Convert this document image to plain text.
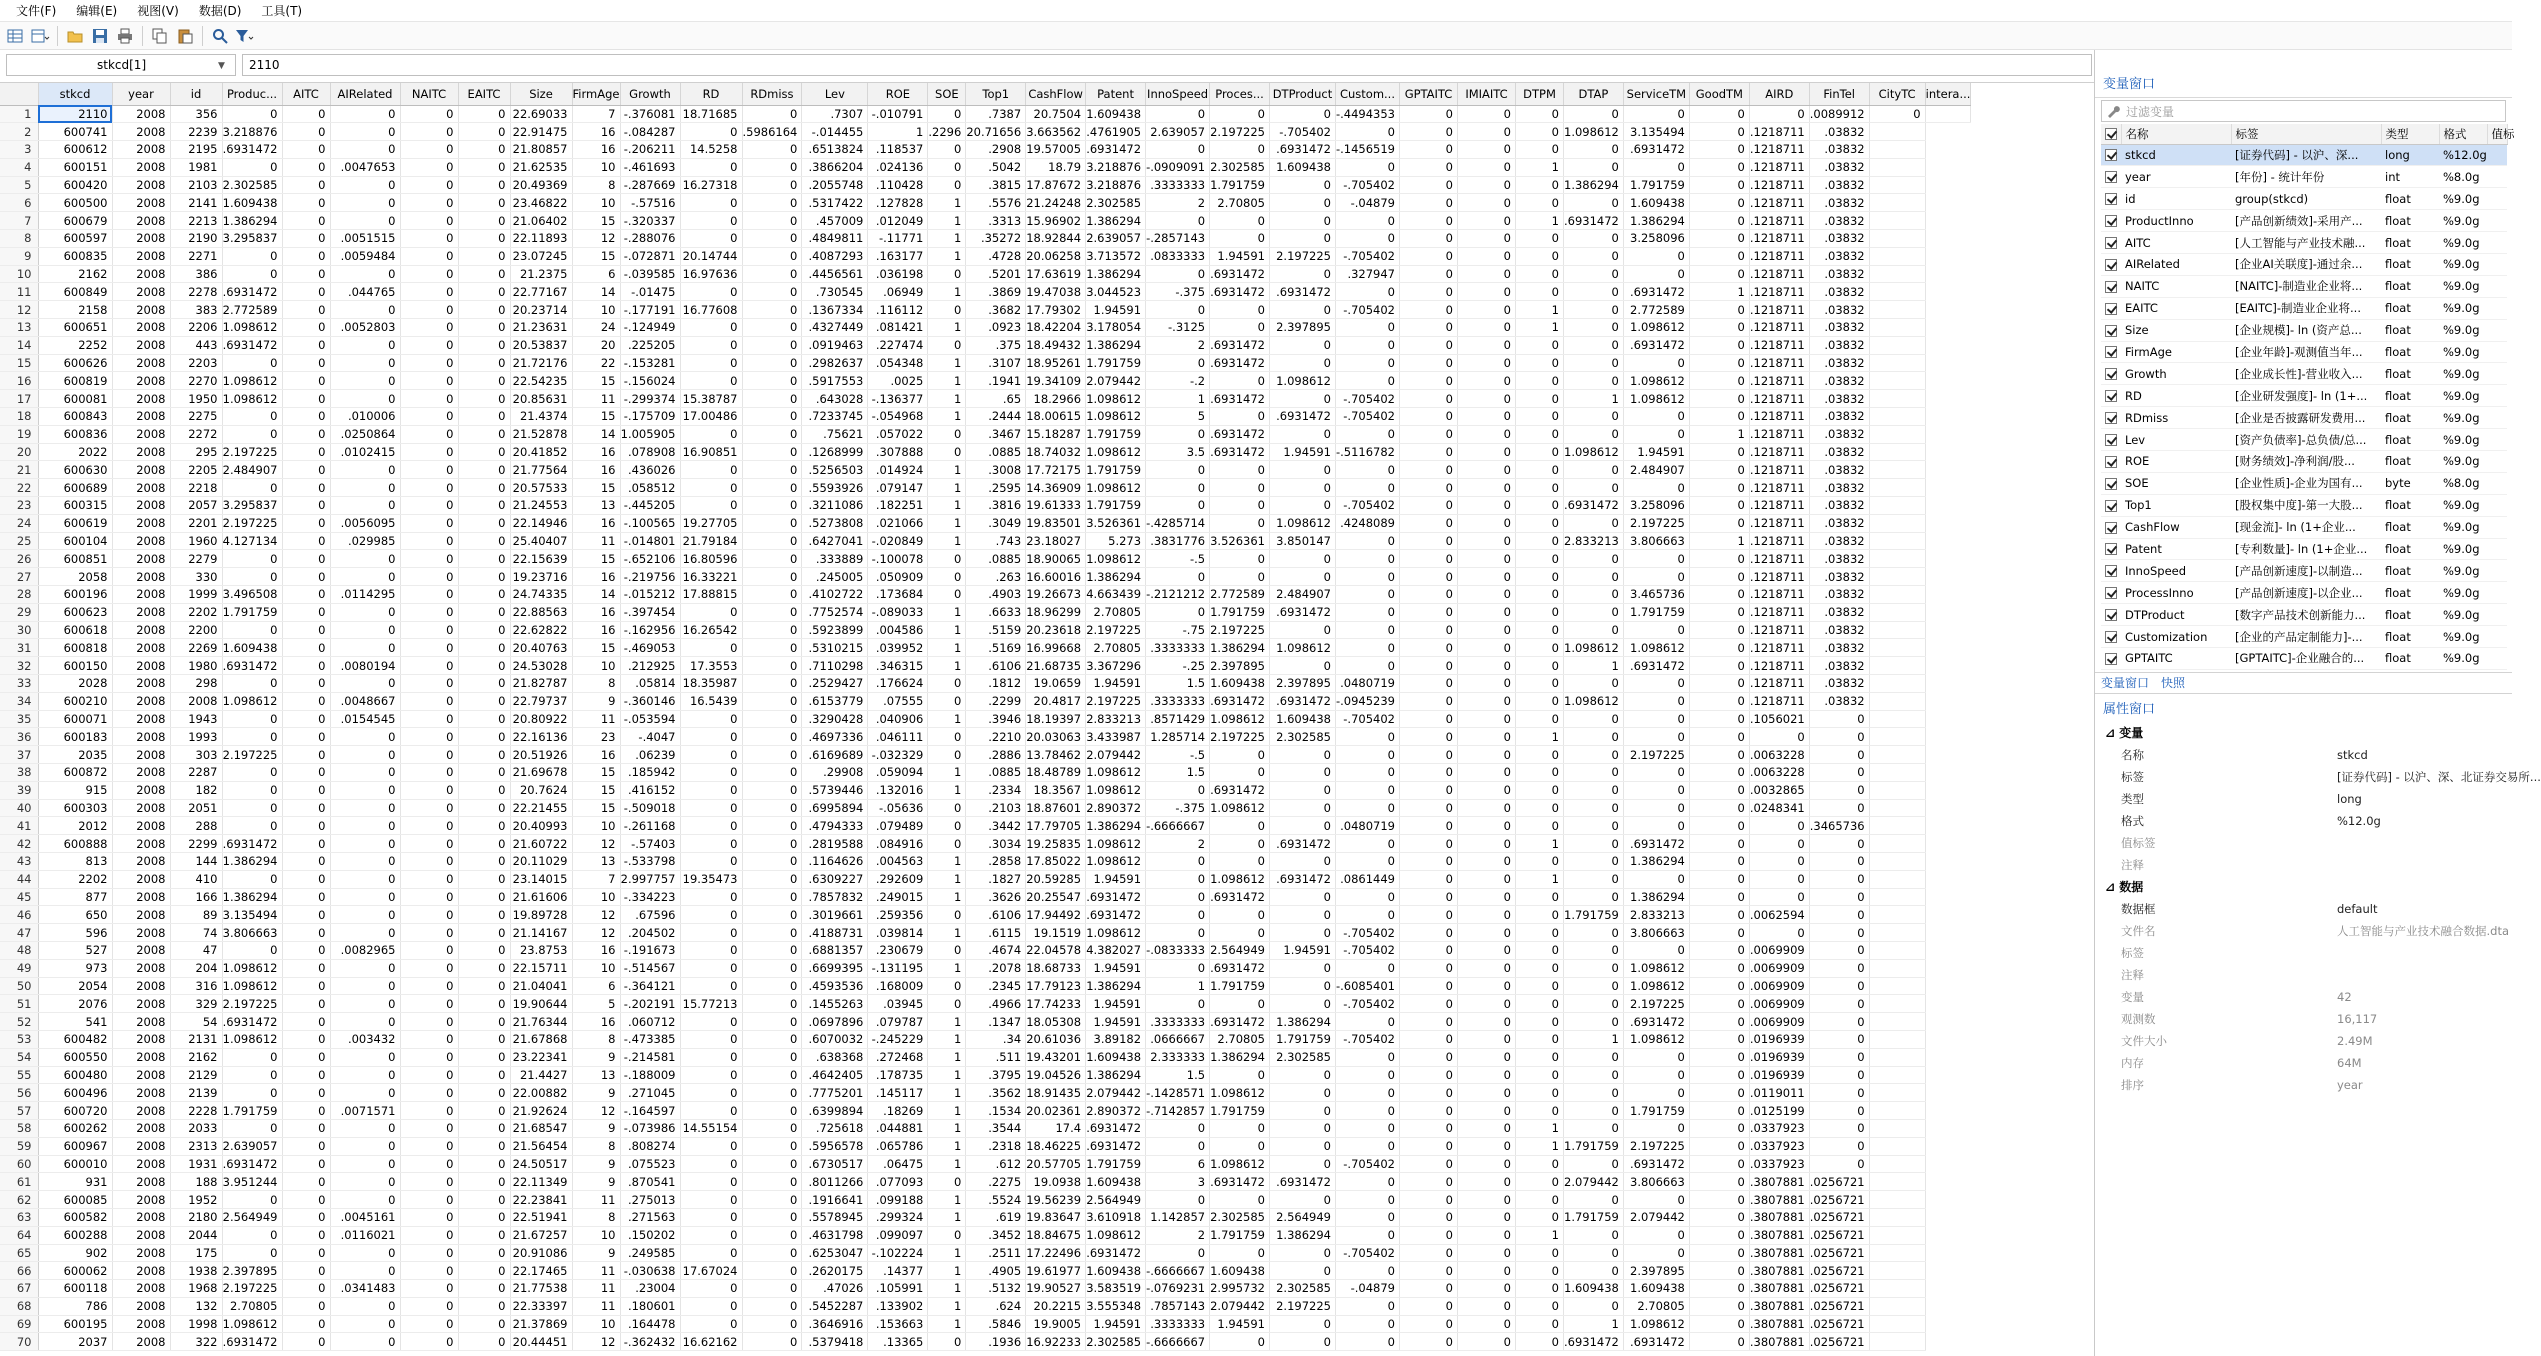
文件(F)	编辑(E)	视图(V)	数据(D)	工具(T)
stkcd[1]	▼	2110
	stkcd	year	id	Produc...	AITC	AIRelated	NAITC	EAITC	Size	FirmAge	Growth	RD	RDmiss	Lev	ROE	SOE	Top1	CashFlow	Patent	InnoSpeed	Proces...	DTProduct	Custom...	GPTAITC	IMIAITC	DTPM	DTAP	ServiceTM	GoodTM	AIRD	FinTel	CityTC	intera...
1	2110	2008	356	0	0	0	0	0	22.69033	7	-.376081	18.71685	0	.7307	-.010791	0	.7387	20.7504	1.609438	0	0	0	-.4494353	0	0	0	0	0	0	0	.0089912	0	
2	600741	2008	2239	3.218876	0	0	0	0	22.91475	16	-.084287	0	.5986164	-.014455	1	.2296	20.71656	3.663562	.4761905	2.639057	2.197225	-.705402	0	0	0	0	1.098612	3.135494	0	.1218711	.03832		
3	600612	2008	2195	.6931472	0	0	0	0	21.80857	16	-.206211	14.5258	0	.6513824	.118537	0	.2908	19.57005	.6931472	0	0	.6931472	-.1456519	0	0	0	0	.6931472	0	.1218711	.03832		
4	600151	2008	1981	0	0	.0047653	0	0	21.62535	10	-.461693	0	0	.3866204	.024136	0	.5042	18.79	3.218876	-.0909091	2.302585	1.609438	0	0	0	1	0	0	0	.1218711	.03832		
5	600420	2008	2103	2.302585	0	0	0	0	20.49369	8	-.287669	16.27318	0	.2055748	.110428	0	.3815	17.87672	3.218876	.3333333	1.791759	0	-.705402	0	0	0	1.386294	1.791759	0	.1218711	.03832		
6	600500	2008	2141	1.609438	0	0	0	0	23.46822	10	-.57516	0	0	.5317422	.127828	1	.5576	21.24248	2.302585	2	2.70805	0	-.04879	0	0	0	0	1.609438	0	.1218711	.03832		
7	600679	2008	2213	1.386294	0	0	0	0	21.06402	15	-.320337	0	0	.457009	.012049	1	.3313	15.96902	1.386294	0	0	0	0	0	0	1	.6931472	1.386294	0	.1218711	.03832		
8	600597	2008	2190	3.295837	0	.0051515	0	0	22.11893	12	-.288076	0	0	.4849811	-.11771	1	.35272	18.92844	2.639057	-.2857143	0	0	0	0	0	0	0	3.258096	0	.1218711	.03832		
9	600835	2008	2271	0	0	.0059484	0	0	23.07245	15	-.072871	20.14744	0	.4087293	.163177	1	.4728	20.06258	3.713572	.0833333	1.94591	2.197225	-.705402	0	0	0	0	0	0	.1218711	.03832		
10	2162	2008	386	0	0	0	0	0	21.2375	6	-.039585	16.97636	0	.4456561	.036198	0	.5201	17.63619	1.386294	0	.6931472	0	.327947	0	0	0	0	0	0	.1218711	.03832		
11	600849	2008	2278	.6931472	0	.044765	0	0	22.77167	14	-.01475	0	0	.730545	.06949	1	.3869	19.47038	3.044523	-.375	.6931472	.6931472	0	0	0	0	0	.6931472	1	.1218711	.03832		
12	2158	2008	383	2.772589	0	0	0	0	20.23714	10	-.177191	16.77608	0	.1367334	.116112	0	.3682	17.79302	1.94591	0	0	0	-.705402	0	0	1	0	2.772589	0	.1218711	.03832		
13	600651	2008	2206	1.098612	0	.0052803	0	0	21.23631	24	-.124949	0	0	.4327449	.081421	1	.0923	18.42204	3.178054	-.3125	0	2.397895	0	0	0	1	0	1.098612	0	.1218711	.03832		
14	2252	2008	443	.6931472	0	0	0	0	20.53837	20	.225205	0	0	.0919463	.227474	0	.375	18.49432	1.386294	2	.6931472	0	0	0	0	0	0	.6931472	0	.1218711	.03832		
15	600626	2008	2203	0	0	0	0	0	21.72176	22	-.153281	0	0	.2982637	.054348	1	.3107	18.95261	1.791759	0	.6931472	0	0	0	0	0	0	0	0	.1218711	.03832		
16	600819	2008	2270	1.098612	0	0	0	0	22.54235	15	-.156024	0	0	.5917553	.0025	1	.1941	19.34109	2.079442	-.2	0	1.098612	0	0	0	0	0	1.098612	0	.1218711	.03832		
17	600081	2008	1950	1.098612	0	0	0	0	20.85631	11	-.299374	15.38787	0	.643028	-.136377	1	.65	18.2966	1.098612	1	.6931472	0	-.705402	0	0	0	1	1.098612	0	.1218711	.03832		
18	600843	2008	2275	0	0	.010006	0	0	21.4374	15	-.175709	17.00486	0	.7233745	-.054968	1	.2444	18.00615	1.098612	5	0	.6931472	-.705402	0	0	0	0	0	0	.1218711	.03832		
19	600836	2008	2272	0	0	.0250864	0	0	21.52878	14	1.005905	0	0	.75621	.057022	0	.3467	15.18287	1.791759	0	.6931472	0	0	0	0	0	0	0	1	.1218711	.03832		
20	2022	2008	295	2.197225	0	.0102415	0	0	20.41852	16	.078908	16.90851	0	.1268999	.307888	0	.0885	18.74032	1.098612	3.5	.6931472	1.94591	-.5116782	0	0	0	1.098612	1.94591	0	.1218711	.03832		
21	600630	2008	2205	2.484907	0	0	0	0	21.77564	16	.436026	0	0	.5256503	.014924	1	.3008	17.72175	1.791759	0	0	0	0	0	0	0	0	2.484907	0	.1218711	.03832		
22	600689	2008	2218	0	0	0	0	0	20.57533	15	.058512	0	0	.5593926	.079147	1	.2595	14.36909	1.098612	0	0	0	0	0	0	0	0	0	0	.1218711	.03832		
23	600315	2008	2057	3.295837	0	0	0	0	21.24553	13	-.445205	0	0	.3211086	.182251	1	.3816	19.61333	1.791759	0	0	0	-.705402	0	0	0	.6931472	3.258096	0	.1218711	.03832		
24	600619	2008	2201	2.197225	0	.0056095	0	0	22.14946	16	-.100565	19.27705	0	.5273808	.021066	1	.3049	19.83501	3.526361	-.4285714	0	1.098612	.4248089	0	0	0	0	2.197225	0	.1218711	.03832		
25	600104	2008	1960	4.127134	0	.029985	0	0	25.40407	11	-.014801	21.79184	0	.6427041	-.020849	1	.743	23.18027	5.273	.3831776	3.526361	3.850147	0	0	0	0	2.833213	3.806663	1	.1218711	.03832		
26	600851	2008	2279	0	0	0	0	0	22.15639	15	-.652106	16.80596	0	.333889	-.100078	0	.0885	18.90065	1.098612	-.5	0	0	0	0	0	0	0	0	0	.1218711	.03832		
27	2058	2008	330	0	0	0	0	0	19.23716	16	-.219756	16.33221	0	.245005	.050909	0	.263	16.60016	1.386294	0	0	0	0	0	0	0	0	0	0	.1218711	.03832		
28	600196	2008	1999	3.496508	0	.0114295	0	0	24.74335	14	-.015212	17.88815	0	.4102722	.173684	0	.4903	19.26673	4.663439	-.2121212	2.772589	2.484907	0	0	0	0	0	3.465736	0	.1218711	.03832		
29	600623	2008	2202	1.791759	0	0	0	0	22.88563	16	-.397454	0	0	.7752574	-.089033	1	.6633	18.96299	2.70805	0	1.791759	.6931472	0	0	0	0	0	1.791759	0	.1218711	.03832		
30	600618	2008	2200	0	0	0	0	0	22.62822	16	-.162956	16.26542	0	.5923899	.004586	1	.5159	20.23618	2.197225	-.75	2.197225	0	0	0	0	0	0	0	0	.1218711	.03832		
31	600818	2008	2269	1.609438	0	0	0	0	20.40763	15	-.469053	0	0	.5310215	.039952	1	.5169	16.99668	2.70805	.3333333	1.386294	1.098612	0	0	0	0	1.098612	1.098612	0	.1218711	.03832		
32	600150	2008	1980	.6931472	0	.0080194	0	0	24.53028	10	.212925	17.3553	0	.7110298	.346315	1	.6106	21.68735	3.367296	-.25	2.397895	0	0	0	0	0	1	.6931472	0	.1218711	.03832		
33	2028	2008	298	0	0	0	0	0	21.82787	8	.05814	18.35987	0	.2529427	.176624	0	.1812	19.0659	1.94591	1.5	1.609438	2.397895	.0480719	0	0	0	0	0	0	.1218711	.03832		
34	600210	2008	2008	1.098612	0	.0048667	0	0	22.79737	9	-.360146	16.5439	0	.6153779	.07555	0	.2299	20.4817	2.197225	.3333333	.6931472	.6931472	-.0945239	0	0	0	1.098612	0	0	.1218711	.03832		
35	600071	2008	1943	0	0	.0154545	0	0	20.80922	11	-.053594	0	0	.3290428	.040906	1	.3946	18.19397	2.833213	.8571429	1.098612	1.609438	-.705402	0	0	0	0	0	0	.1056021	0		
36	600183	2008	1993	0	0	0	0	0	22.16136	23	-.4047	0	0	.4697336	.046111	0	.2210	20.03063	3.433987	1.285714	2.197225	2.302585	0	0	0	1	0	0	0	0	0		
37	2035	2008	303	2.197225	0	0	0	0	20.51926	16	.06239	0	0	.6169689	-.032329	0	.2886	13.78462	2.079442	-.5	0	0	0	0	0	0	0	2.197225	0	.0063228	0		
38	600872	2008	2287	0	0	0	0	0	21.69678	15	.185942	0	0	.29908	.059094	1	.0885	18.48789	1.098612	1.5	0	0	0	0	0	0	0	0	0	.0063228	0		
39	915	2008	182	0	0	0	0	0	20.7624	15	.416152	0	0	.5739446	.132016	1	.2334	18.3567	1.098612	0	.6931472	0	0	0	0	0	0	0	0	.0032865	0		
40	600303	2008	2051	0	0	0	0	0	22.21455	15	-.509018	0	0	.6995894	-.05636	0	.2103	18.87601	2.890372	-.375	1.098612	0	0	0	0	0	0	0	0	.0248341	0		
41	2012	2008	288	0	0	0	0	0	20.40993	10	-.261168	0	0	.4794333	.079489	0	.3442	17.79705	1.386294	-.6666667	0	0	.0480719	0	0	0	0	0	0	0	.3465736		
42	600888	2008	2299	.6931472	0	0	0	0	21.60722	12	-.57403	0	0	.2819588	.084916	0	.3034	19.25835	1.098612	2	0	.6931472	0	0	0	1	0	.6931472	0	0	0		
43	813	2008	144	1.386294	0	0	0	0	20.11029	13	-.533798	0	0	.1164626	.004563	1	.2858	17.85022	1.098612	0	0	0	0	0	0	0	0	1.386294	0	0	0		
44	2202	2008	410	0	0	0	0	0	23.14015	7	2.997757	19.35473	0	.6309227	.292609	1	.1827	20.59285	1.94591	0	1.098612	.6931472	.0861449	0	0	1	0	0	0	0	0		
45	877	2008	166	1.386294	0	0	0	0	21.61606	10	-.334223	0	0	.7857832	.249015	1	.3626	20.25547	.6931472	0	.6931472	0	0	0	0	0	0	1.386294	0	0	0		
46	650	2008	89	3.135494	0	0	0	0	19.89728	12	.67596	0	0	.3019661	.259356	0	.6106	17.94492	.6931472	0	0	0	0	0	0	0	1.791759	2.833213	0	.0062594	0		
47	596	2008	74	3.806663	0	0	0	0	21.14167	12	.204502	0	0	.4188731	.039814	1	.6115	19.1519	1.098612	0	0	0	-.705402	0	0	0	0	3.806663	0	0	0		
48	527	2008	47	0	0	.0082965	0	0	23.8753	16	-.191673	0	0	.6881357	.230679	0	.4674	22.04578	4.382027	-.0833333	2.564949	1.94591	-.705402	0	0	0	0	0	0	.0069909	0		
49	973	2008	204	1.098612	0	0	0	0	22.15711	10	-.514567	0	0	.6699395	-.131195	1	.2078	18.68733	1.94591	0	.6931472	0	0	0	0	0	0	1.098612	0	.0069909	0		
50	2054	2008	316	1.098612	0	0	0	0	21.04041	6	-.364121	0	0	.4593536	.168009	0	.2345	17.79123	1.386294	1	1.791759	0	-.6085401	0	0	0	0	1.098612	0	.0069909	0		
51	2076	2008	329	2.197225	0	0	0	0	19.90644	5	-.202191	15.77213	0	.1455263	.03945	0	.4966	17.74233	1.94591	0	0	0	-.705402	0	0	0	0	2.197225	0	.0069909	0		
52	541	2008	54	.6931472	0	0	0	0	21.76344	16	.060712	0	0	.0697896	.079787	1	.1347	18.05308	1.94591	.3333333	.6931472	1.386294	0	0	0	0	0	.6931472	0	.0069909	0		
53	600482	2008	2131	1.098612	0	.003432	0	0	21.67868	8	-.473385	0	0	.6070032	-.245229	1	.34	20.61036	3.89182	.0666667	2.70805	1.791759	-.705402	0	0	0	1	1.098612	0	.0196939	0		
54	600550	2008	2162	0	0	0	0	0	23.22341	9	-.214581	0	0	.638368	.272468	1	.511	19.43201	1.609438	2.333333	1.386294	2.302585	0	0	0	0	0	0	0	.0196939	0		
55	600480	2008	2129	0	0	0	0	0	21.4427	13	-.188009	0	0	.4642405	.178735	1	.3795	19.04526	1.386294	1.5	0	0	0	0	0	0	0	0	0	.0196939	0		
56	600496	2008	2139	0	0	0	0	0	22.00882	9	.271045	0	0	.7775201	.145117	1	.3562	18.91435	2.079442	-.1428571	1.098612	0	0	0	0	0	0	0	0	.0119011	0		
57	600720	2008	2228	1.791759	0	.0071571	0	0	21.92624	12	-.164597	0	0	.6399894	.18269	1	.1534	20.02361	2.890372	-.7142857	1.791759	0	0	0	0	0	0	1.791759	0	.0125199	0		
58	600262	2008	2033	0	0	0	0	0	21.68547	9	-.073986	14.55154	0	.725618	.044881	1	.3544	17.4	.6931472	0	0	0	0	0	0	1	0	0	0	.0337923	0		
59	600967	2008	2313	2.639057	0	0	0	0	21.56454	8	.808274	0	0	.5956578	.065786	1	.2318	18.46225	.6931472	0	0	0	0	0	0	1	1.791759	2.197225	0	.0337923	0		
60	600010	2008	1931	.6931472	0	0	0	0	24.50517	9	.075523	0	0	.6730517	.06475	1	.612	20.57705	1.791759	6	1.098612	0	-.705402	0	0	0	0	.6931472	0	.0337923	0		
61	931	2008	188	3.951244	0	0	0	0	22.11349	9	.870541	0	0	.8011266	.077093	0	.2275	19.0938	1.609438	3	.6931472	.6931472	0	0	0	0	2.079442	3.806663	0	.3807881	.0256721		
62	600085	2008	1952	0	0	0	0	0	22.23841	11	.275013	0	0	.1916641	.099188	1	.5524	19.56239	2.564949	0	0	0	0	0	0	0	0	0	0	.3807881	.0256721		
63	600582	2008	2180	2.564949	0	.0045161	0	0	22.51941	8	.271563	0	0	.5578945	.299324	1	.619	19.83647	3.610918	1.142857	2.302585	2.564949	0	0	0	0	1.791759	2.079442	0	.3807881	.0256721		
64	600288	2008	2044	0	0	.0116021	0	0	21.67257	10	.150202	0	0	.4631798	.099097	0	.3452	18.84675	1.098612	2	1.791759	1.386294	0	0	0	1	0	0	0	.3807881	.0256721		
65	902	2008	175	0	0	0	0	0	20.91086	9	.249585	0	0	.6253047	-.102224	1	.2511	17.22496	.6931472	0	0	0	-.705402	0	0	0	0	0	0	.3807881	.0256721		
66	600062	2008	1938	2.397895	0	0	0	0	22.17465	11	-.030638	17.67024	0	.2620175	.14377	1	.4905	19.61977	1.609438	-.6666667	1.609438	0	0	0	0	0	0	2.397895	0	.3807881	.0256721		
67	600118	2008	1968	2.197225	0	.0341483	0	0	21.77538	11	.23004	0	0	.47026	.105991	1	.5132	19.90527	3.583519	-.0769231	2.995732	2.302585	-.04879	0	0	0	1.609438	1.609438	0	.3807881	.0256721		
68	786	2008	132	2.70805	0	0	0	0	22.33397	11	.180601	0	0	.5452287	.133902	1	.624	20.2215	3.555348	.7857143	2.079442	2.197225	0	0	0	0	0	2.70805	0	.3807881	.0256721		
69	600195	2008	1998	1.098612	0	0	0	0	21.37869	10	.164478	0	0	.3646916	.153663	1	.5846	19.9005	1.94591	.3333333	1.94591	0	0	0	0	0	1	1.098612	0	.3807881	.0256721		
70	2037	2008	322	.6931472	0	0	0	0	20.44451	12	-.362432	16.62162	0	.5379418	.13365	0	.1936	16.92233	2.302585	-.6666667	0	0	0	0	0	0	.6931472	.6931472	0	.3807881	.0256721		
变量窗口
过滤变量
	名称	标签	类型	格式	值标
	stkcd	[证券代码] - 以沪、深...	long	%12.0g	
	year	[年份] - 统计年份	int	%8.0g	
	id	group(stkcd)	float	%9.0g	
	ProductInno	[产品创新绩效]-采用产...	float	%9.0g	
	AITC	[人工智能与产业技术融...	float	%9.0g	
	AIRelated	[企业AI关联度]-通过余...	float	%9.0g	
	NAITC	[NAITC]-制造业企业将...	float	%9.0g	
	EAITC	[EAITC]-制造业企业将...	float	%9.0g	
	Size	[企业规模]- ln (资产总...	float	%9.0g	
	FirmAge	[企业年龄]-观测值当年...	float	%9.0g	
	Growth	[企业成长性]-营业收入...	float	%9.0g	
	RD	[企业研发强度]- ln (1+...	float	%9.0g	
	RDmiss	[企业是否披露研发费用...	float	%9.0g	
	Lev	[资产负债率]-总负债/总...	float	%9.0g	
	ROE	[财务绩效]-净利润/股...	float	%9.0g	
	SOE	[企业性质]-企业为国有...	byte	%8.0g	
	Top1	[股权集中度]-第一大股...	float	%9.0g	
	CashFlow	[现金流]- ln (1+企业...	float	%9.0g	
	Patent	[专利数量]- ln (1+企业...	float	%9.0g	
	InnoSpeed	[产品创新速度]-以制造...	float	%9.0g	
	ProcessInno	[产品创新速度]-以企业...	float	%9.0g	
	DTProduct	[数字产品技术创新能力...	float	%9.0g	
	Customization	[企业的产品定制能力]-...	float	%9.0g	
	GPTAITC	[GPTAITC]-企业融合的...	float	%9.0g	
变量窗口	快照
属性窗口
⊿ 变量
名称	stkcd
标签	[证券代码] - 以沪、深、北证券交易所...
类型	long
格式	%12.0g
值标签
注释
⊿ 数据
数据框	default
文件名	人工智能与产业技术融合数据.dta
标签
注释
变量	42
观测数	16,117
文件大小	2.49M
内存	64M
排序	year
